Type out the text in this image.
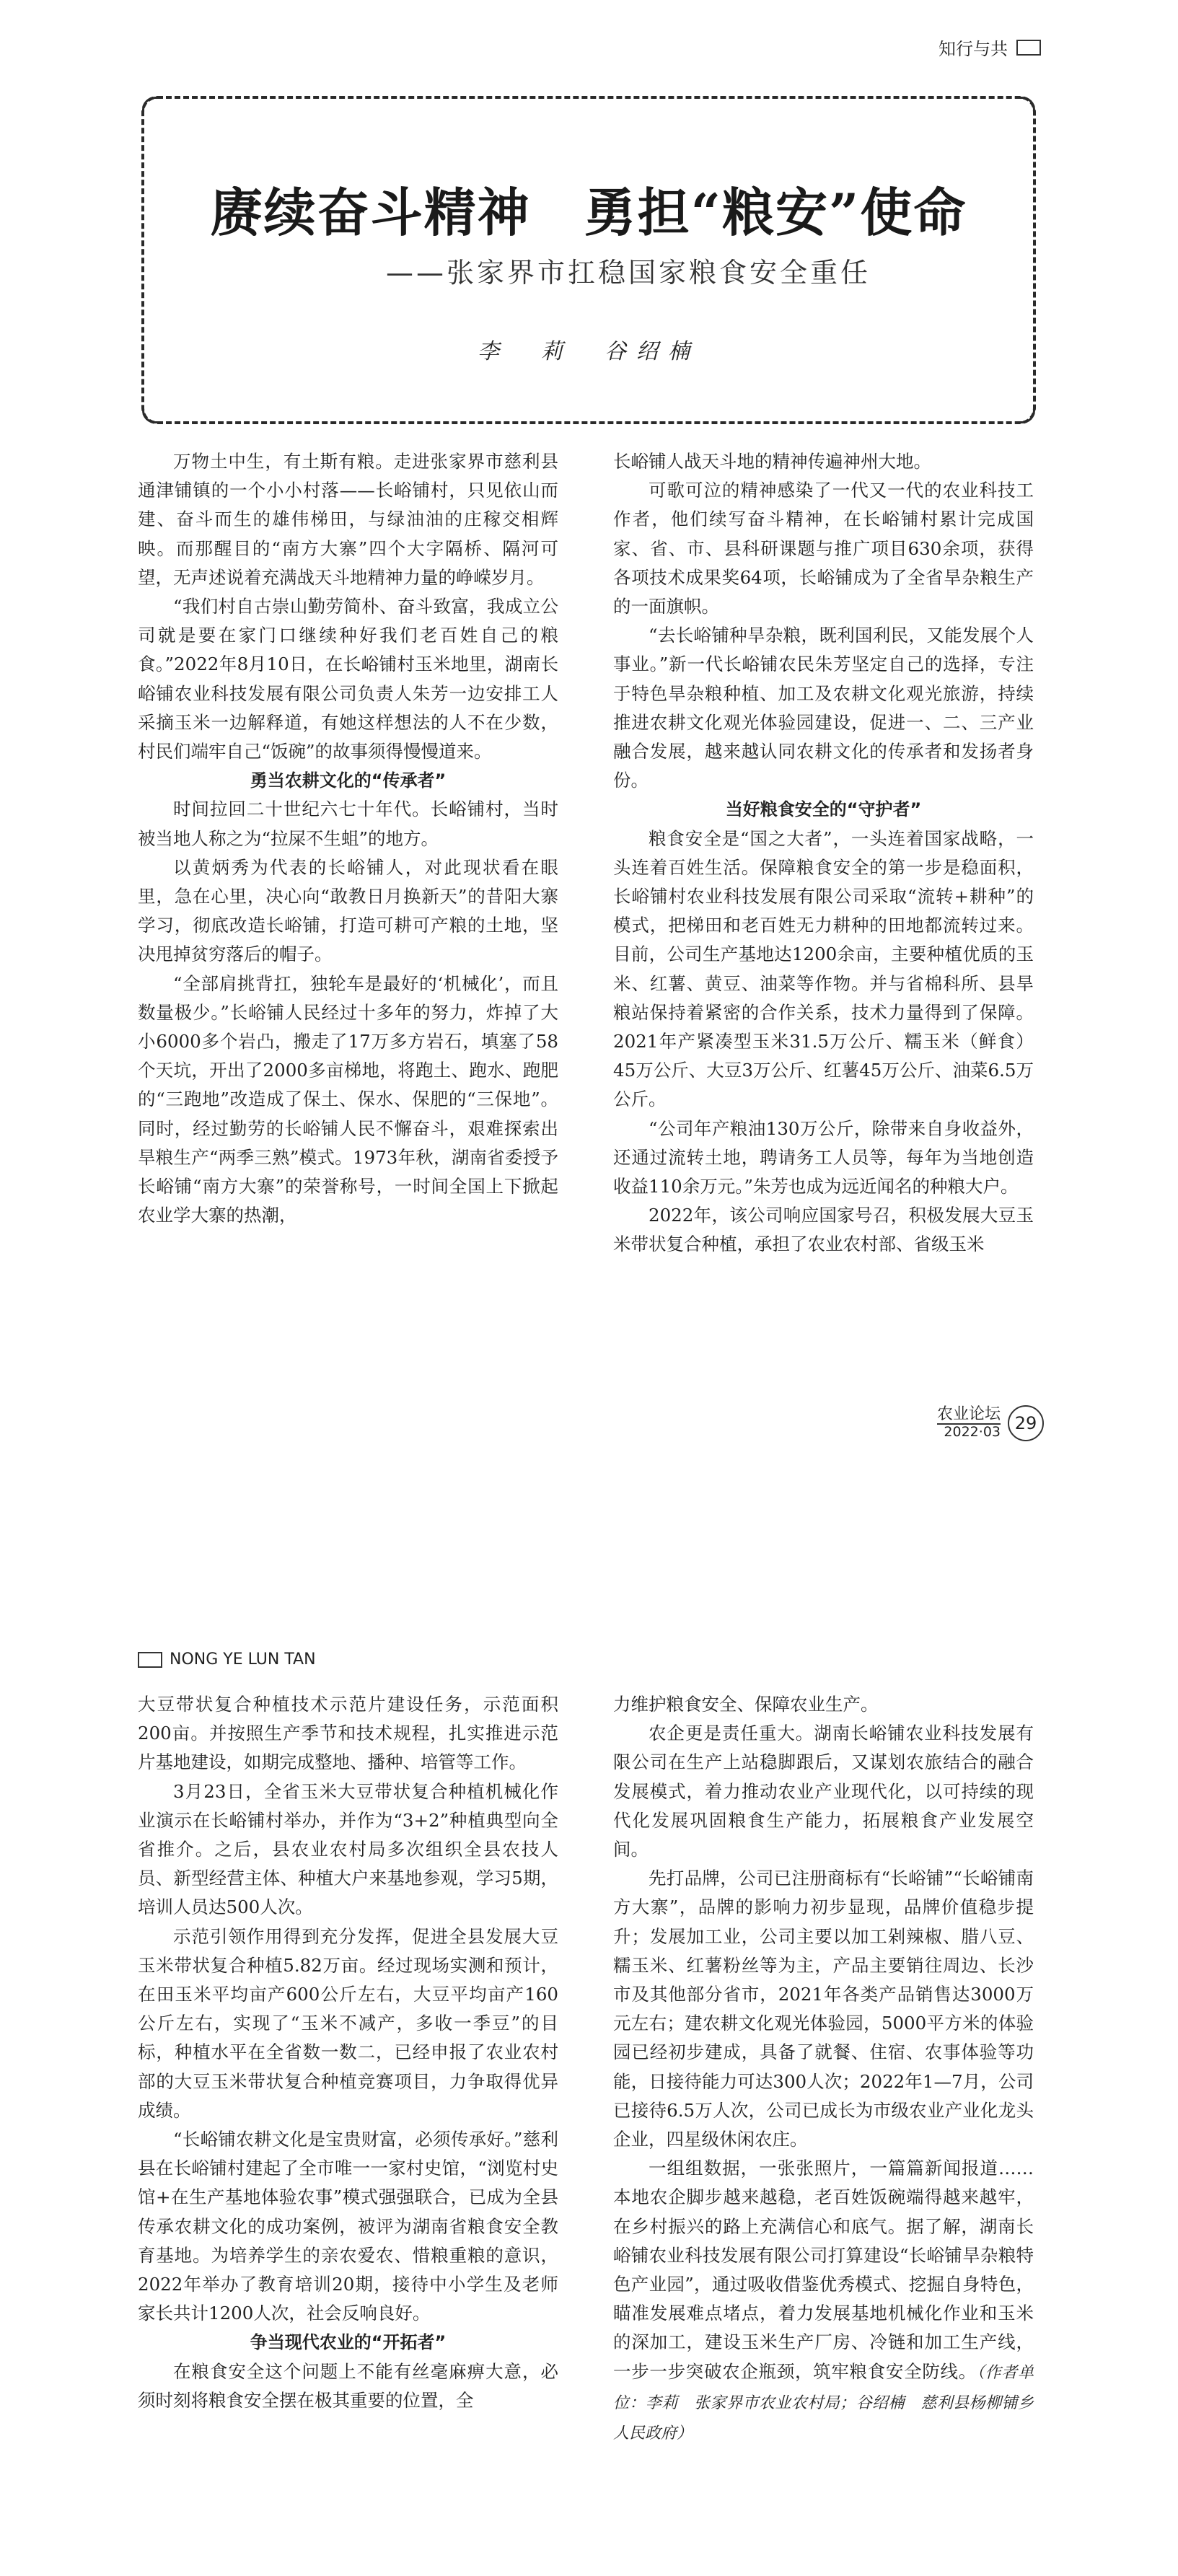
知行与共
赓续奋斗精神　勇担“粮安”使命
——张家界市扛稳国家粮食安全重任
李　莉　谷绍楠

万物土中生，有土斯有粮。走进张家界市慈利县通津铺镇的一个小小村落——长峪铺村，只见依山而建、奋斗而生的雄伟梯田，与绿油油的庄稼交相辉映。而那醒目的“南方大寨”四个大字隔桥、隔河可望，无声述说着充满战天斗地精神力量的峥嵘岁月。

“我们村自古崇山勤劳简朴、奋斗致富，我成立公司就是要在家门口继续种好我们老百姓自己的粮食。”2022年8月10日，在长峪铺村玉米地里，湖南长峪铺农业科技发展有限公司负责人朱芳一边安排工人采摘玉米一边解释道，有她这样想法的人不在少数，村民们端牢自己“饭碗”的故事须得慢慢道来。

勇当农耕文化的“传承者”

时间拉回二十世纪六七十年代。长峪铺村，当时被当地人称之为“拉屎不生蛆”的地方。

以黄炳秀为代表的长峪铺人，对此现状看在眼里，急在心里，决心向“敢教日月换新天”的昔阳大寨学习，彻底改造长峪铺，打造可耕可产粮的土地，坚决甩掉贫穷落后的帽子。

“全部肩挑背扛，独轮车是最好的‘机械化’，而且数量极少。”长峪铺人民经过十多年的努力，炸掉了大小6000多个岩凸，搬走了17万多方岩石，填塞了58个天坑，开出了2000多亩梯地，将跑土、跑水、跑肥的“三跑地”改造成了保土、保水、保肥的“三保地”。同时，经过勤劳的长峪铺人民不懈奋斗，艰难探索出旱粮生产“两季三熟”模式。1973年秋，湖南省委授予长峪铺“南方大寨”的荣誉称号，一时间全国上下掀起农业学大寨的热潮，

长峪铺人战天斗地的精神传遍神州大地。

可歌可泣的精神感染了一代又一代的农业科技工作者，他们续写奋斗精神，在长峪铺村累计完成国家、省、市、县科研课题与推广项目630余项，获得各项技术成果奖64项，长峪铺成为了全省旱杂粮生产的一面旗帜。

“去长峪铺种旱杂粮，既利国利民，又能发展个人事业。”新一代长峪铺农民朱芳坚定自己的选择，专注于特色旱杂粮种植、加工及农耕文化观光旅游，持续推进农耕文化观光体验园建设，促进一、二、三产业融合发展，越来越认同农耕文化的传承者和发扬者身份。

当好粮食安全的“守护者”

粮食安全是“国之大者”，一头连着国家战略，一头连着百姓生活。保障粮食安全的第一步是稳面积，长峪铺村农业科技发展有限公司采取“流转+耕种”的模式，把梯田和老百姓无力耕种的田地都流转过来。目前，公司生产基地达1200余亩，主要种植优质的玉米、红薯、黄豆、油菜等作物。并与省棉科所、县旱粮站保持着紧密的合作关系，技术力量得到了保障。2021年产紧凑型玉米31.5万公斤、糯玉米（鲜食）45万公斤、大豆3万公斤、红薯45万公斤、油菜6.5万公斤。

“公司年产粮油130万公斤，除带来自身收益外，还通过流转土地，聘请务工人员等，每年为当地创造收益110余万元。”朱芳也成为远近闻名的种粮大户。

2022年，该公司响应国家号召，积极发展大豆玉米带状复合种植，承担了农业农村部、省级玉米

农业论坛
2022·03 29
NONG YE LUN TAN

大豆带状复合种植技术示范片建设任务，示范面积200亩。并按照生产季节和技术规程，扎实推进示范片基地建设，如期完成整地、播种、培管等工作。

3月23日，全省玉米大豆带状复合种植机械化作业演示在长峪铺村举办，并作为“3+2”种植典型向全省推介。之后，县农业农村局多次组织全县农技人员、新型经营主体、种植大户来基地参观，学习5期，培训人员达500人次。

示范引领作用得到充分发挥，促进全县发展大豆玉米带状复合种植5.82万亩。经过现场实测和预计，在田玉米平均亩产600公斤左右，大豆平均亩产160公斤左右，实现了“玉米不减产，多收一季豆”的目标，种植水平在全省数一数二，已经申报了农业农村部的大豆玉米带状复合种植竞赛项目，力争取得优异成绩。

“长峪铺农耕文化是宝贵财富，必须传承好。”慈利县在长峪铺村建起了全市唯一一家村史馆，“浏览村史馆+在生产基地体验农事”模式强强联合，已成为全县传承农耕文化的成功案例，被评为湖南省粮食安全教育基地。为培养学生的亲农爱农、惜粮重粮的意识，2022年举办了教育培训20期，接待中小学生及老师家长共计1200人次，社会反响良好。

争当现代农业的“开拓者”

在粮食安全这个问题上不能有丝毫麻痹大意，必须时刻将粮食安全摆在极其重要的位置，全

力维护粮食安全、保障农业生产。

农企更是责任重大。湖南长峪铺农业科技发展有限公司在生产上站稳脚跟后，又谋划农旅结合的融合发展模式，着力推动农业产业现代化，以可持续的现代化发展巩固粮食生产能力，拓展粮食产业发展空间。

先打品牌，公司已注册商标有“长峪铺”“长峪铺南方大寨”，品牌的影响力初步显现，品牌价值稳步提升；发展加工业，公司主要以加工剁辣椒、腊八豆、糯玉米、红薯粉丝等为主，产品主要销往周边、长沙市及其他部分省市，2021年各类产品销售达3000万元左右；建农耕文化观光体验园，5000平方米的体验园已经初步建成，具备了就餐、住宿、农事体验等功能，日接待能力可达300人次；2022年1—7月，公司已接待6.5万人次，公司已成长为市级农业产业化龙头企业，四星级休闲农庄。

一组组数据，一张张照片，一篇篇新闻报道……本地农企脚步越来越稳，老百姓饭碗端得越来越牢，在乡村振兴的路上充满信心和底气。据了解，湖南长峪铺农业科技发展有限公司打算建设“长峪铺旱杂粮特色产业园”，通过吸收借鉴优秀模式、挖掘自身特色，瞄准发展难点堵点，着力发展基地机械化作业和玉米的深加工，建设玉米生产厂房、冷链和加工生产线，一步一步突破农企瓶颈，筑牢粮食安全防线。（作者单位：李莉　张家界市农业农村局；谷绍楠　慈利县杨柳铺乡人民政府）
